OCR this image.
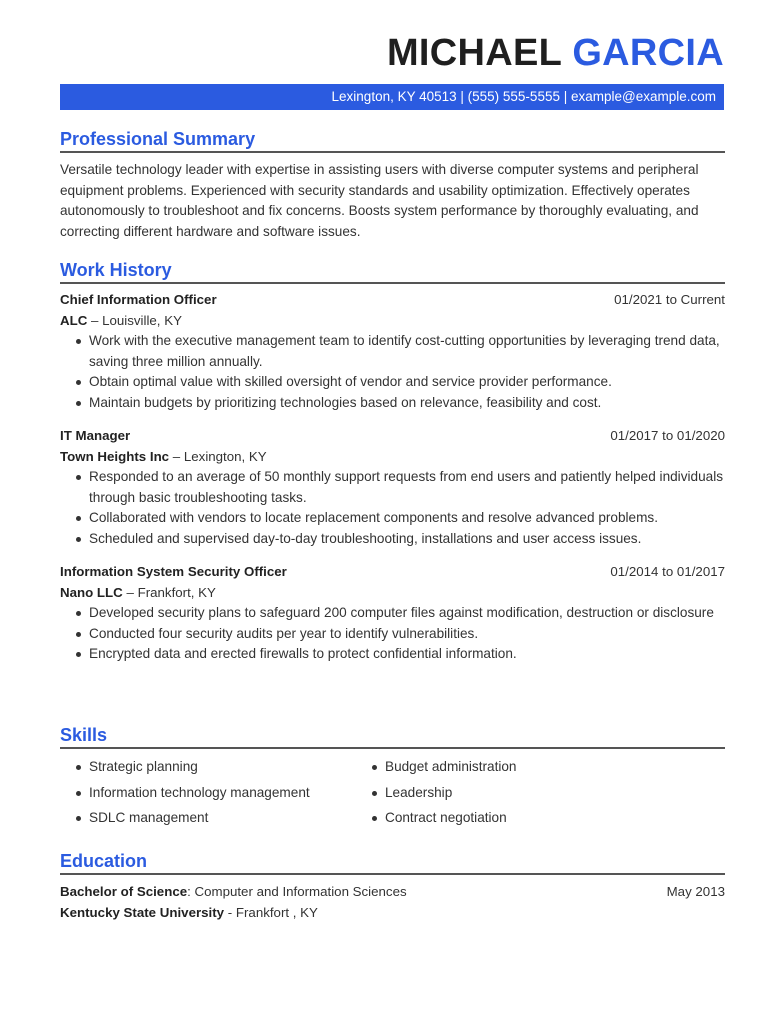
MICHAEL GARCIA
Lexington, KY 40513 | (555) 555-5555 | example@example.com
Professional Summary
Versatile technology leader with expertise in assisting users with diverse computer systems and peripheral equipment problems. Experienced with security standards and usability optimization. Effectively operates autonomously to troubleshoot and fix concerns. Boosts system performance by thoroughly evaluating, and correcting different hardware and software issues.
Work History
Chief Information Officer	01/2021 to Current
ALC – Louisville, KY
Work with the executive management team to identify cost-cutting opportunities by leveraging trend data, saving three million annually.
Obtain optimal value with skilled oversight of vendor and service provider performance.
Maintain budgets by prioritizing technologies based on relevance, feasibility and cost.
IT Manager	01/2017 to 01/2020
Town Heights Inc – Lexington, KY
Responded to an average of 50 monthly support requests from end users and patiently helped individuals through basic troubleshooting tasks.
Collaborated with vendors to locate replacement components and resolve advanced problems.
Scheduled and supervised day-to-day troubleshooting, installations and user access issues.
Information System Security Officer	01/2014 to 01/2017
Nano LLC – Frankfort, KY
Developed security plans to safeguard 200 computer files against modification, destruction or disclosure
Conducted four security audits per year to identify vulnerabilities.
Encrypted data and erected firewalls to protect confidential information.
Skills
Strategic planning	Budget administration
Information technology management	Leadership
SDLC management	Contract negotiation
Education
Bachelor of Science: Computer and Information Sciences	May 2013
Kentucky State University - Frankfort , KY
